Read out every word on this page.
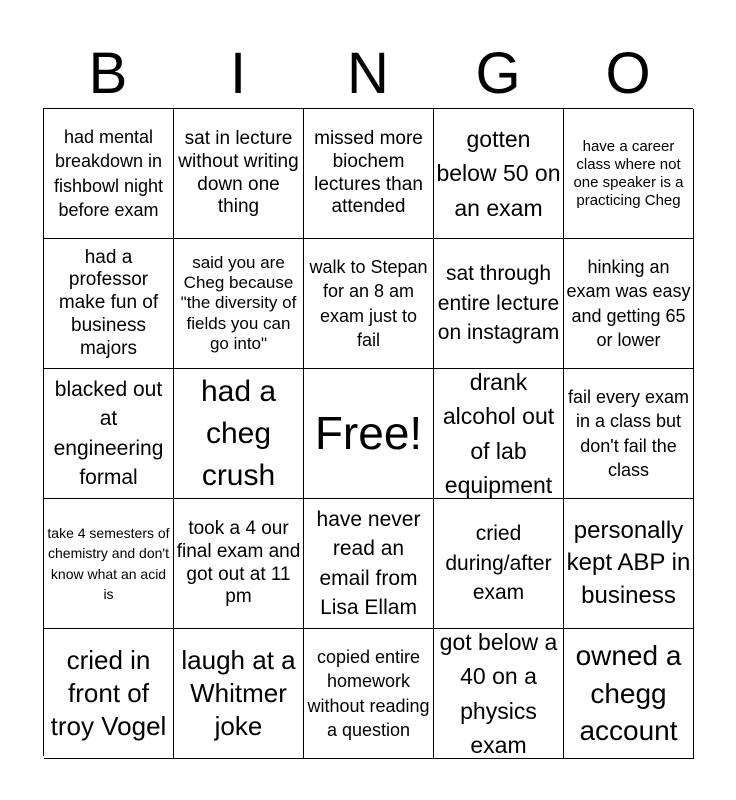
B	I	N	G	O
had mental breakdown in fishbowl night before exam
sat in lecture without writing down one thing
missed more biochem lectures than attended
gotten below 50 on an exam
have a career class where not one speaker is a practicing Cheg
had a professor make fun of business majors
said you are Cheg because "the diversity of fields you can go into"
walk to Stepan for an 8 am exam just to fail
sat through entire lecture on instagram
hinking an exam was easy and getting 65 or lower
blacked out at engineering formal
had a cheg crush
Free!
drank alcohol out of lab equipment
fail every exam in a class but don't fail the class
take 4 semesters of chemistry and don't know what an acid is
took a 4 our final exam and got out at 11 pm
have never read an email from Lisa Ellam
cried during/after exam
personally kept ABP in business
cried in front of troy Vogel
laugh at a Whitmer joke
copied entire homework without reading a question
got below a 40 on a physics exam
owned a chegg account
